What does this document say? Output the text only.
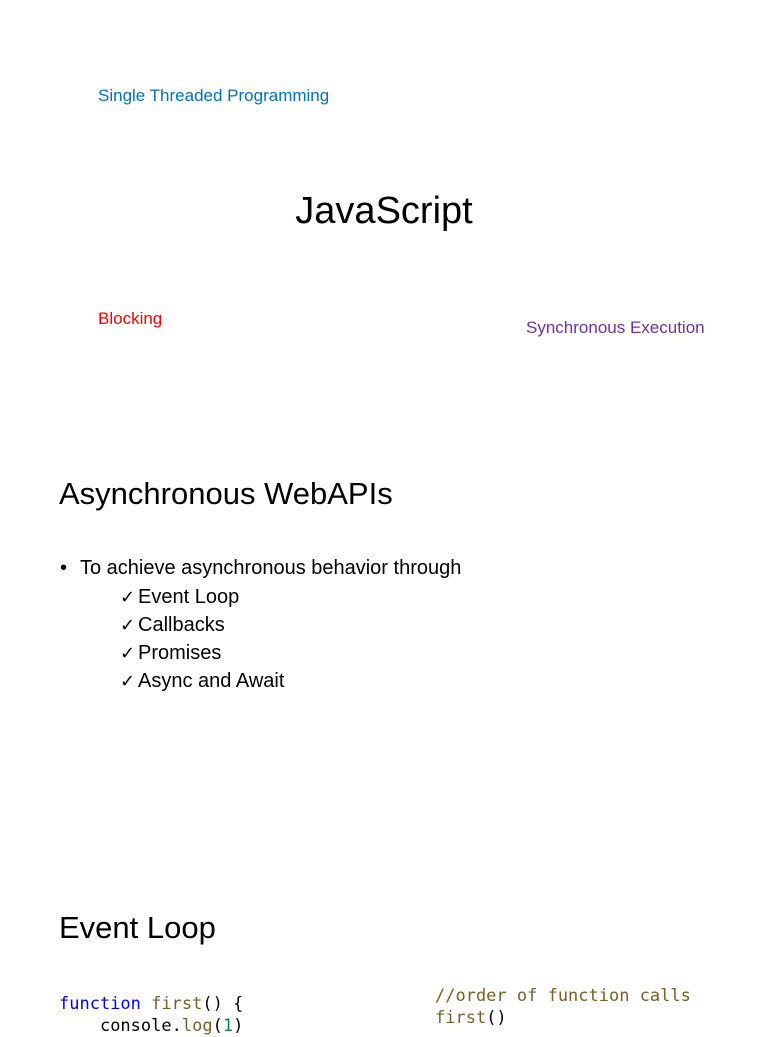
Single Threaded Programming
JavaScript
Blocking	Synchronous Execution
Asynchronous WebAPIs
• To achieve asynchronous behavior through
✓ Event Loop
✓ Callbacks
✓ Promises
✓ Async and Await
Event Loop
function first() {
console.log(1)
//order of function calls
first()
